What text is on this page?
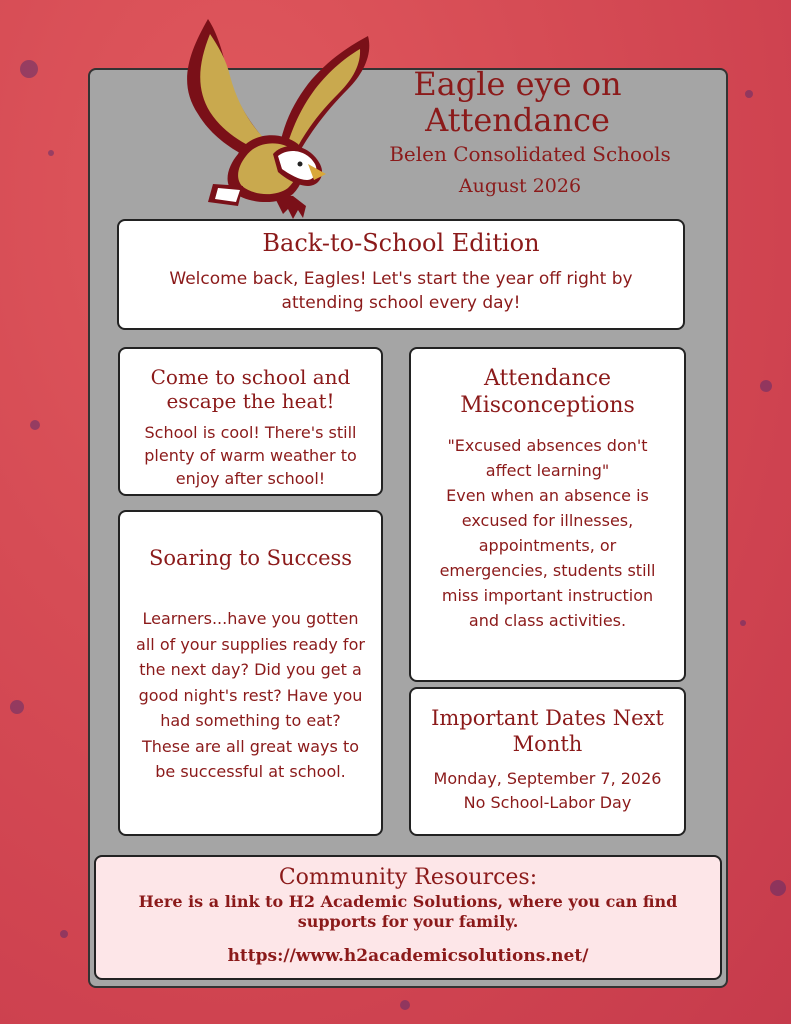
Eagle eye on
Attendance
Belen Consolidated Schools
August 2026
Back-to-School Edition

Welcome back, Eagles! Let's start the year off right by attending school every day!

Come to school and escape the heat!

School is cool! There's still plenty of warm weather to enjoy after school!

Soaring to Success

Learners...have you gotten all of your supplies ready for the next day? Did you get a good night's rest? Have you had something to eat? These are all great ways to be successful at school.

Attendance Misconceptions

"Excused absences don't affect learning"

Even when an absence is excused for illnesses, appointments, or emergencies, students still miss important instruction and class activities.

Important Dates Next Month

Monday, September 7, 2026

No School-Labor Day

Community Resources:

Here is a link to H2 Academic Solutions, where you can find supports for your family.

https://www.h2academicsolutions.net/
